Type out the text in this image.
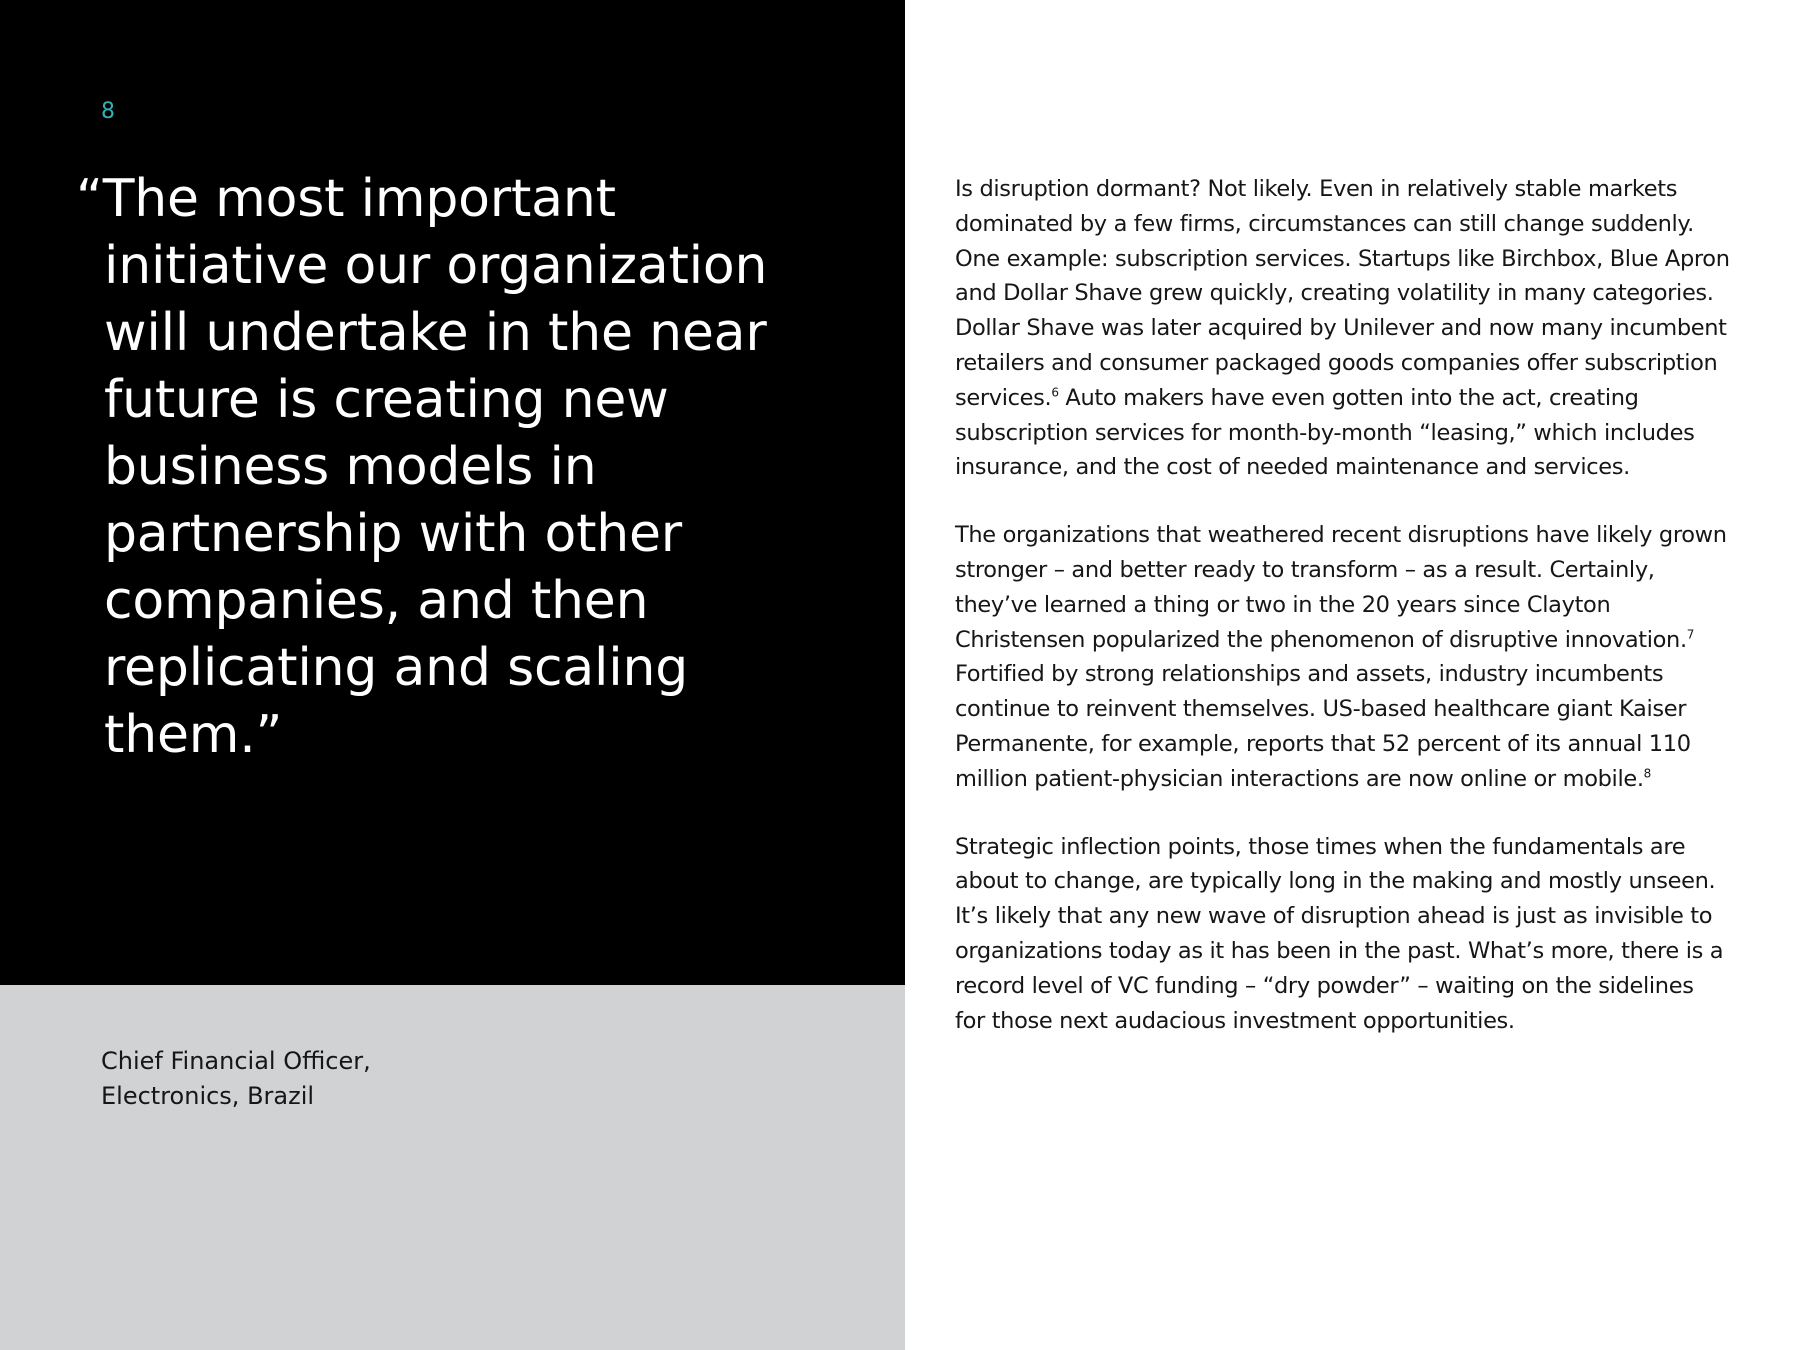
8

“The most important initiative our organization will undertake in the near future is creating new business models in partnership with other companies, and then replicating and scaling them.”

Chief Financial Officer,
Electronics, Brazil

Is disruption dormant? Not likely. Even in relatively stable markets dominated by a few firms, circumstances can still change suddenly. One example: subscription services. Startups like Birchbox, Blue Apron and Dollar Shave grew quickly, creating volatility in many categories. Dollar Shave was later acquired by Unilever and now many incumbent retailers and consumer packaged goods companies offer subscription services.$^6$ Auto makers have even gotten into the act, creating subscription services for month-by-month “leasing,” which includes insurance, and the cost of needed maintenance and services.

The organizations that weathered recent disruptions have likely grown stronger – and better ready to transform – as a result. Certainly, they’ve learned a thing or two in the 20 years since Clayton Christensen popularized the phenomenon of disruptive innovation.$^7$ Fortified by strong relationships and assets, industry incumbents continue to reinvent themselves. US-based healthcare giant Kaiser Permanente, for example, reports that 52 percent of its annual 110 million patient-physician interactions are now online or mobile.$^8$

Strategic inflection points, those times when the fundamentals are about to change, are typically long in the making and mostly unseen. It’s likely that any new wave of disruption ahead is just as invisible to organizations today as it has been in the past. What’s more, there is a record level of VC funding – “dry powder” – waiting on the sidelines for those next audacious investment opportunities.
